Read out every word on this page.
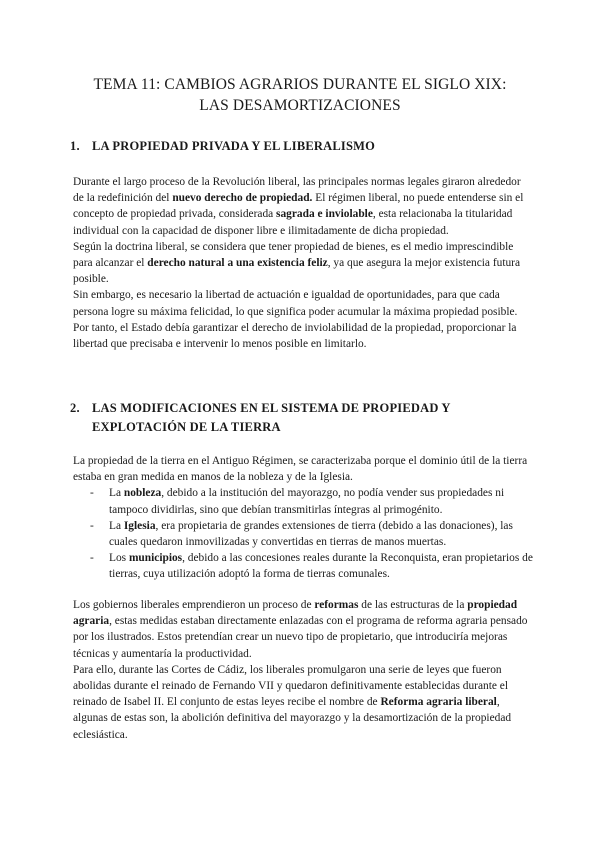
TEMA 11: CAMBIOS AGRARIOS DURANTE EL SIGLO XIX:
LAS DESAMORTIZACIONES
1. LA PROPIEDAD PRIVADA Y EL LIBERALISMO

Durante el largo proceso de la Revolución liberal, las principales normas legales giraron alrededor de la redefinición del nuevo derecho de propiedad. El régimen liberal, no puede entenderse sin el concepto de propiedad privada, considerada sagrada e inviolable, esta relacionaba la titularidad individual con la capacidad de disponer libre e ilimitadamente de dicha propiedad.

Según la doctrina liberal, se considera que tener propiedad de bienes, es el medio imprescindible para alcanzar el derecho natural a una existencia feliz, ya que asegura la mejor existencia futura posible.

Sin embargo, es necesario la libertad de actuación e igualdad de oportunidades, para que cada persona logre su máxima felicidad, lo que significa poder acumular la máxima propiedad posible.

Por tanto, el Estado debía garantizar el derecho de inviolabilidad de la propiedad, proporcionar la libertad que precisaba e intervenir lo menos posible en limitarlo.

2. LAS MODIFICACIONES EN EL SISTEMA DE PROPIEDAD Y
EXPLOTACIÓN DE LA TIERRA

La propiedad de la tierra en el Antiguo Régimen, se caracterizaba porque el dominio útil de la tierra estaba en gran medida en manos de la nobleza y de la Iglesia.

- La nobleza, debido a la institución del mayorazgo, no podía vender sus propiedades ni tampoco dividirlas, sino que debían transmitirlas íntegras al primogénito.
- La Iglesia, era propietaria de grandes extensiones de tierra (debido a las donaciones), las cuales quedaron inmovilizadas y convertidas en tierras de manos muertas.
- Los municipios, debido a las concesiones reales durante la Reconquista, eran propietarios de tierras, cuya utilización adoptó la forma de tierras comunales.

Los gobiernos liberales emprendieron un proceso de reformas de las estructuras de la propiedad agraria, estas medidas estaban directamente enlazadas con el programa de reforma agraria pensado por los ilustrados. Estos pretendían crear un nuevo tipo de propietario, que introduciría mejoras técnicas y aumentaría la productividad.

Para ello, durante las Cortes de Cádiz, los liberales promulgaron una serie de leyes que fueron abolidas durante el reinado de Fernando VII y quedaron definitivamente establecidas durante el reinado de Isabel II. El conjunto de estas leyes recibe el nombre de Reforma agraria liberal, algunas de estas son, la abolición definitiva del mayorazgo y la desamortización de la propiedad eclesiástica.
